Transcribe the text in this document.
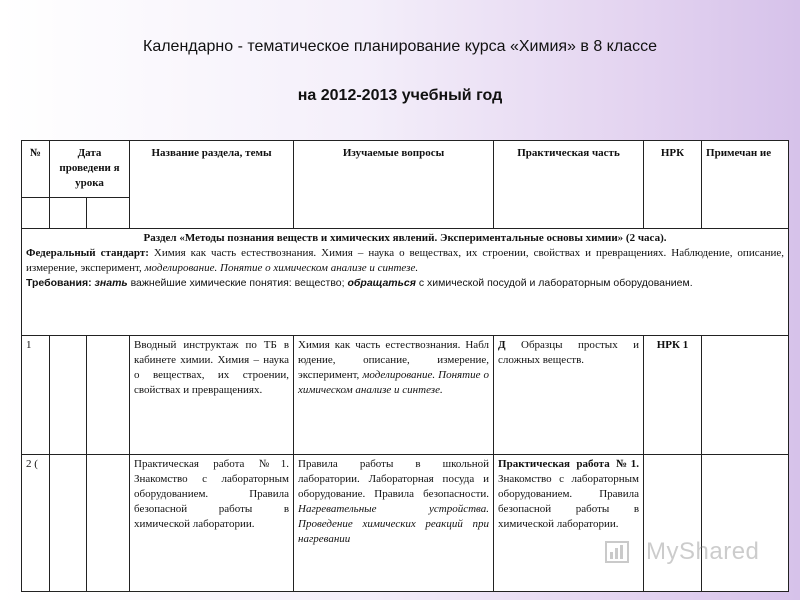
Календарно - тематическое планирование курса «Химия» в 8 классе
на 2012-2013 учебный год
№	Дата проведени я урока		Название раздела, темы	Изучаемые вопросы	Практическая часть	НРК	Примечан ие

Раздел «Методы познания веществ и химических явлений. Экспериментальные основы химии» (2 часа).
Федеральный стандарт: Химия как часть естествознания. Химия – наука о веществах, их строении, свойствах и превращениях. Наблюдение, описание, измерение, эксперимент, моделирование. Понятие о химическом анализе и синтезе.
Требования: знать важнейшие химические понятия: вещество; обращаться с химической посудой и лабораторным оборудованием.							

1			Вводный инструктаж по ТБ в кабинете химии. Химия – наука о веществах, их строении, свойствах и превращениях.	Химия как часть естествознания. Набл юдение, описание, измерение, эксперимент, моделирование. Понятие о химическом анализе и синтезе.	Д Образцы простых и сложных веществ.	НРК 1	
2 (			Практическая работа №1. Знакомство с лабораторным оборудованием. Правила безопасной работы в химической лаборатории.	Правила работы в школьной лаборатории. Лабораторная посуда и оборудование. Правила безопасности. Нагревательные устройства. Проведение химических реакций при нагревании	Практическая работа №1. Знакомство с лабораторным оборудованием. Правила безопасной работы в химической лаборатории.		
MyShared
